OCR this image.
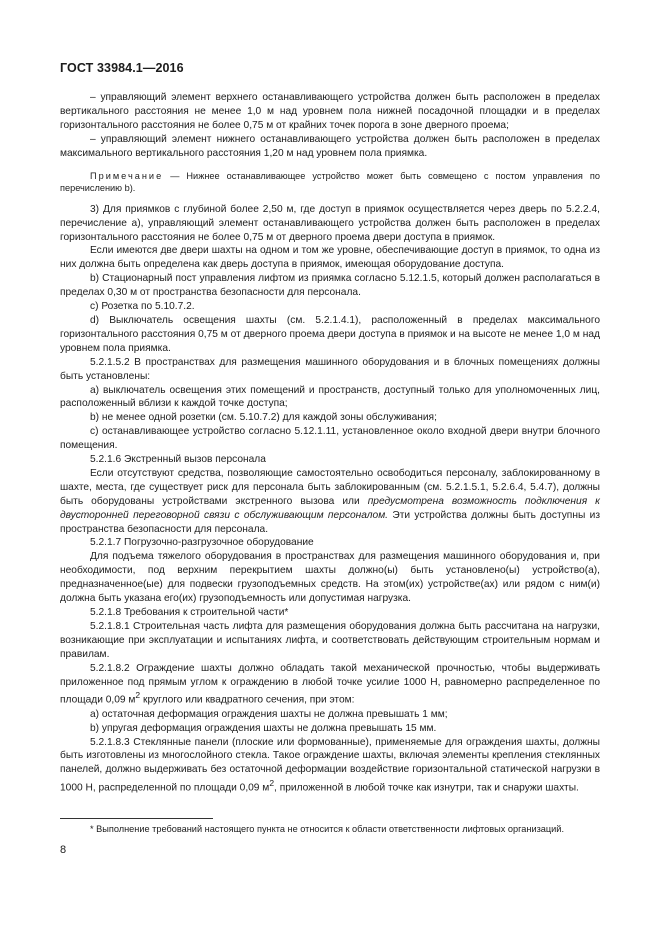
ГОСТ 33984.1—2016

– управляющий элемент верхнего останавливающего устройства должен быть расположен в пределах вертикального расстояния не менее 1,0 м над уровнем пола нижней посадочной площадки и в пределах горизонтального расстояния не более 0,75 м от крайних точек порога в зоне дверного проема;

– управляющий элемент нижнего останавливающего устройства должен быть расположен в пределах максимального вертикального расстояния 1,20 м над уровнем пола приямка.

Примечание — Нижнее останавливающее устройство может быть совмещено с постом управления по перечислению b).

3) Для приямков с глубиной более 2,50 м, где доступ в приямок осуществляется через дверь по 5.2.2.4, перечисление а), управляющий элемент останавливающего устройства должен быть расположен в пределах горизонтального расстояния не более 0,75 м от дверного проема двери доступа в приямок.

Если имеются две двери шахты на одном и том же уровне, обеспечивающие доступ в приямок, то одна из них должна быть определена как дверь доступа в приямок, имеющая оборудование доступа.

b) Стационарный пост управления лифтом из приямка согласно 5.12.1.5, который должен располагаться в пределах 0,30 м от пространства безопасности для персонала.

c) Розетка по 5.10.7.2.

d) Выключатель освещения шахты (см. 5.2.1.4.1), расположенный в пределах максимального горизонтального расстояния 0,75 м от дверного проема двери доступа в приямок и на высоте не менее 1,0 м над уровнем пола приямка.

5.2.1.5.2 В пространствах для размещения машинного оборудования и в блочных помещениях должны быть установлены:

а) выключатель освещения этих помещений и пространств, доступный только для уполномоченных лиц, расположенный вблизи к каждой точке доступа;

b) не менее одной розетки (см. 5.10.7.2) для каждой зоны обслуживания;

c) останавливающее устройство согласно 5.12.1.11, установленное около входной двери внутри блочного помещения.

5.2.1.6 Экстренный вызов персонала

Если отсутствуют средства, позволяющие самостоятельно освободиться персоналу, заблокированному в шахте, места, где существует риск для персонала быть заблокированным (см. 5.2.1.5.1, 5.2.6.4, 5.4.7), должны быть оборудованы устройствами экстренного вызова или предусмотрена возможность подключения к двусторонней переговорной связи с обслуживающим персоналом. Эти устройства должны быть доступны из пространства безопасности для персонала.

5.2.1.7 Погрузочно-разгрузочное оборудование

Для подъема тяжелого оборудования в пространствах для размещения машинного оборудования и, при необходимости, под верхним перекрытием шахты должно(ы) быть установлено(ы) устройство(а), предназначенное(ые) для подвески грузоподъемных средств. На этом(их) устройстве(ах) или рядом с ним(и) должна быть указана его(их) грузоподъемность или допустимая нагрузка.

5.2.1.8 Требования к строительной части*

5.2.1.8.1 Строительная часть лифта для размещения оборудования должна быть рассчитана на нагрузки, возникающие при эксплуатации и испытаниях лифта, и соответствовать действующим строительным нормам и правилам.

5.2.1.8.2 Ограждение шахты должно обладать такой механической прочностью, чтобы выдерживать приложенное под прямым углом к ограждению в любой точке усилие 1000 Н, равномерно распределенное по площади 0,09 $м^2$ круглого или квадратного сечения, при этом:

а) остаточная деформация ограждения шахты не должна превышать 1 мм;

b) упругая деформация ограждения шахты не должна превышать 15 мм.

5.2.1.8.3 Стеклянные панели (плоские или формованные), применяемые для ограждения шахты, должны быть изготовлены из многослойного стекла. Такое ограждение шахты, включая элементы крепления стеклянных панелей, должно выдерживать без остаточной деформации воздействие горизонтальной статической нагрузки в 1000 Н, распределенной по площади 0,09 $м^2$, приложенной в любой точке как изнутри, так и снаружи шахты.

* Выполнение требований настоящего пункта не относится к области ответственности лифтовых организаций.

8
